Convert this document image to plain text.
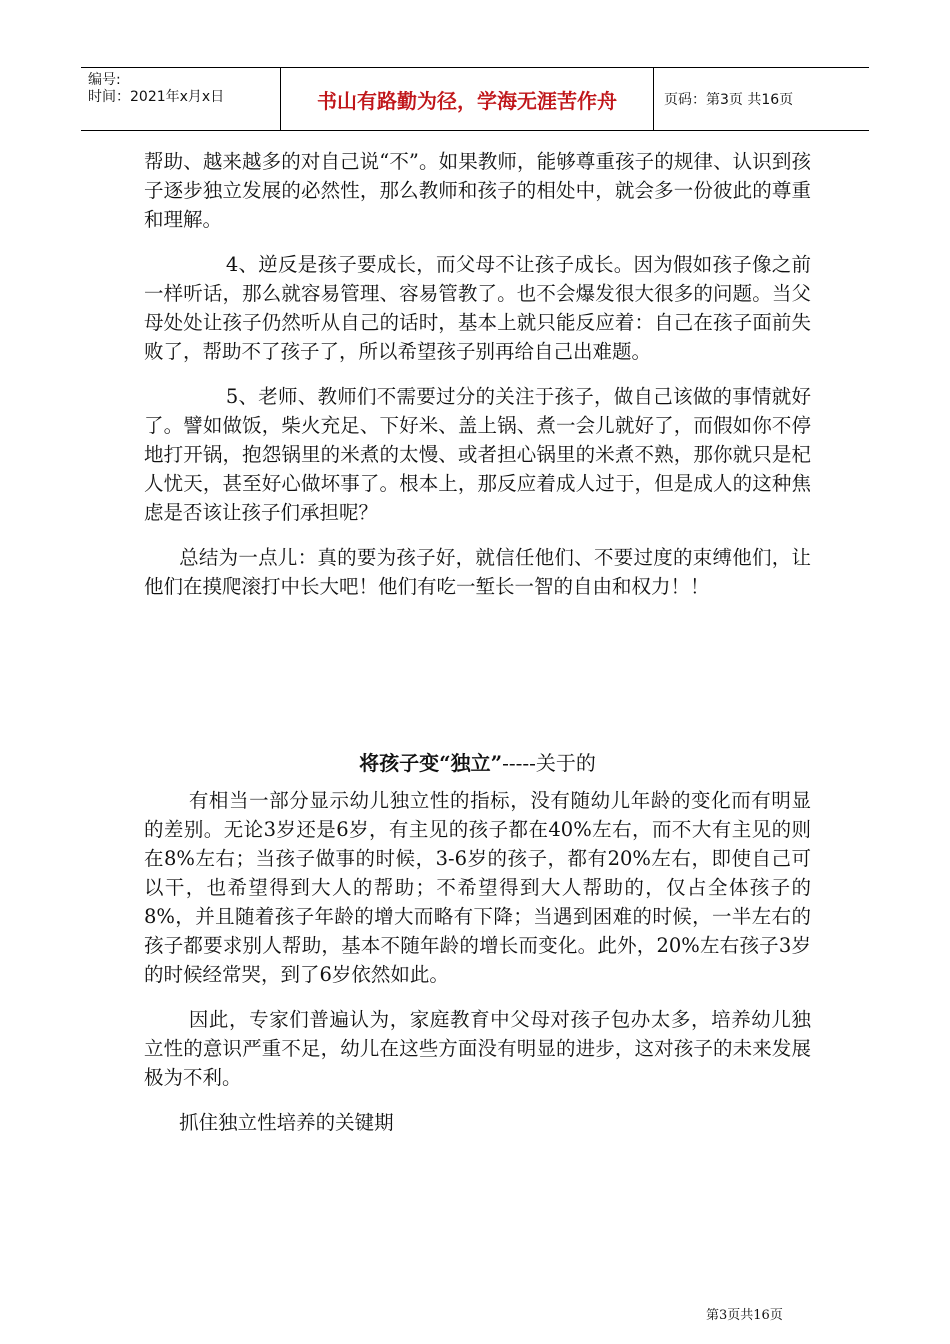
编号:
时间：2021年x月x日	书山有路勤为径，学海无涯苦作舟	页码：第3页 共16页

帮助、越来越多的对自己说“不”。如果教师，能够尊重孩子的规律、认识到孩子逐步独立发展的必然性，那么教师和孩子的相处中，就会多一份彼此的尊重和理解。

4、逆反是孩子要成长，而父母不让孩子成长。因为假如孩子像之前一样听话，那么就容易管理、容易管教了。也不会爆发很大很多的问题。当父母处处让孩子仍然听从自己的话时，基本上就只能反应着：自己在孩子面前失败了，帮助不了孩子了，所以希望孩子别再给自己出难题。

5、老师、教师们不需要过分的关注于孩子，做自己该做的事情就好了。譬如做饭，柴火充足、下好米、盖上锅、煮一会儿就好了，而假如你不停地打开锅，抱怨锅里的米煮的太慢、或者担心锅里的米煮不熟，那你就只是杞人忧天，甚至好心做坏事了。根本上，那反应着成人过于，但是成人的这种焦虑是否该让孩子们承担呢？

总结为一点儿：真的要为孩子好，就信任他们、不要过度的束缚他们，让他们在摸爬滚打中长大吧！他们有吃一堑长一智的自由和权力！！

将孩子变“独立”-----关于的

有相当一部分显示幼儿独立性的指标，没有随幼儿年龄的变化而有明显的差别。无论3岁还是6岁，有主见的孩子都在40%左右，而不大有主见的则在8%左右；当孩子做事的时候，3-6岁的孩子，都有20%左右，即使自己可以干，也希望得到大人的帮助；不希望得到大人帮助的，仅占全体孩子的 8%，并且随着孩子年龄的增大而略有下降；当遇到困难的时候，一半左右的孩子都要求别人帮助，基本不随年龄的增长而变化。此外，20%左右孩子3岁的时候经常哭，到了6岁依然如此。

因此，专家们普遍认为，家庭教育中父母对孩子包办太多，培养幼儿独立性的意识严重不足，幼儿在这些方面没有明显的进步，这对孩子的未来发展极为不利。

抓住独立性培养的关键期

第3页共16页
